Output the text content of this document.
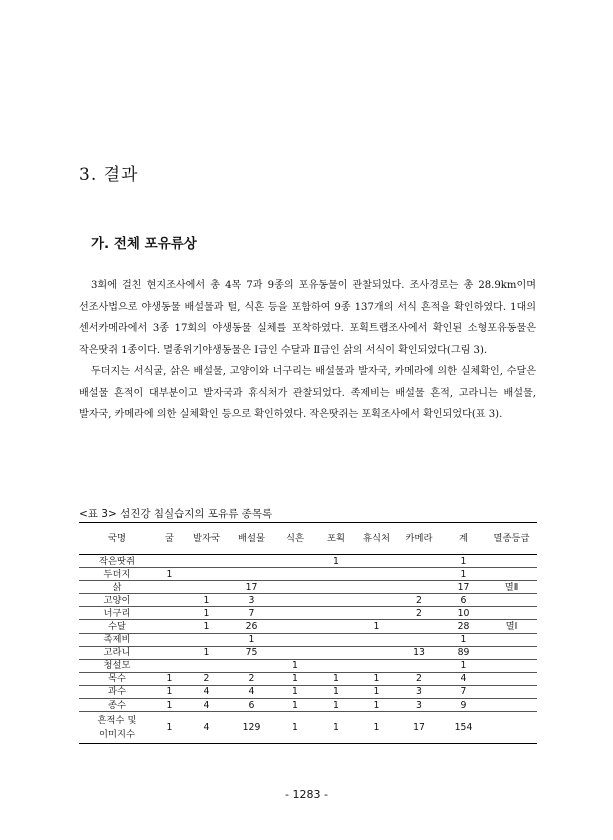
3. 결과
가. 전체 포유류상

3회에 걸친 현지조사에서 총 4목 7과 9종의 포유동물이 관찰되었다. 조사경로는 총 28.9km이며 선조사법으로 야생동물 배설물과 털, 식흔 등을 포함하여 9종 137개의 서식 흔적을 확인하였다. 1대의 센서카메라에서 3종 17회의 야생동물 실체를 포착하였다. 포획트랩조사에서 확인된 소형포유동물은 작은땃쥐 1종이다. 멸종위기야생동물은 Ⅰ급인 수달과 Ⅱ급인 삵의 서식이 확인되었다(그림 3).

두더지는 서식굴, 삵은 배설물, 고양이와 너구리는 배설물과 발자국, 카메라에 의한 실체확인, 수달은 배설물 흔적이 대부분이고 발자국과 휴식처가 관찰되었다. 족제비는 배설물 흔적, 고라니는 배설물, 발자국, 카메라에 의한 실체확인 등으로 확인하였다. 작은땃쥐는 포획조사에서 확인되었다(표 3).

<표 3> 섬진강 침실습지의 포유류 종목록
국명	굴	발자국	배설물	식흔	포획	휴식처	카메라	계	멸종등급
작은땃쥐					1			1	
두더지	1							1	
삵			17					17	멸Ⅱ
고양이		1	3				2	6	
너구리		1	7				2	10	
수달		1	26			1		28	멸Ⅰ
족제비			1					1	
고라니		1	75				13	89	
청설모				1				1	
목수	1	2	2	1	1	1	2	4	
과수	1	4	4	1	1	1	3	7	
종수	1	4	6	1	1	1	3	9	
흔적수 및
이미지수	1	4	129	1	1	1	17	154	
- 1283 -
